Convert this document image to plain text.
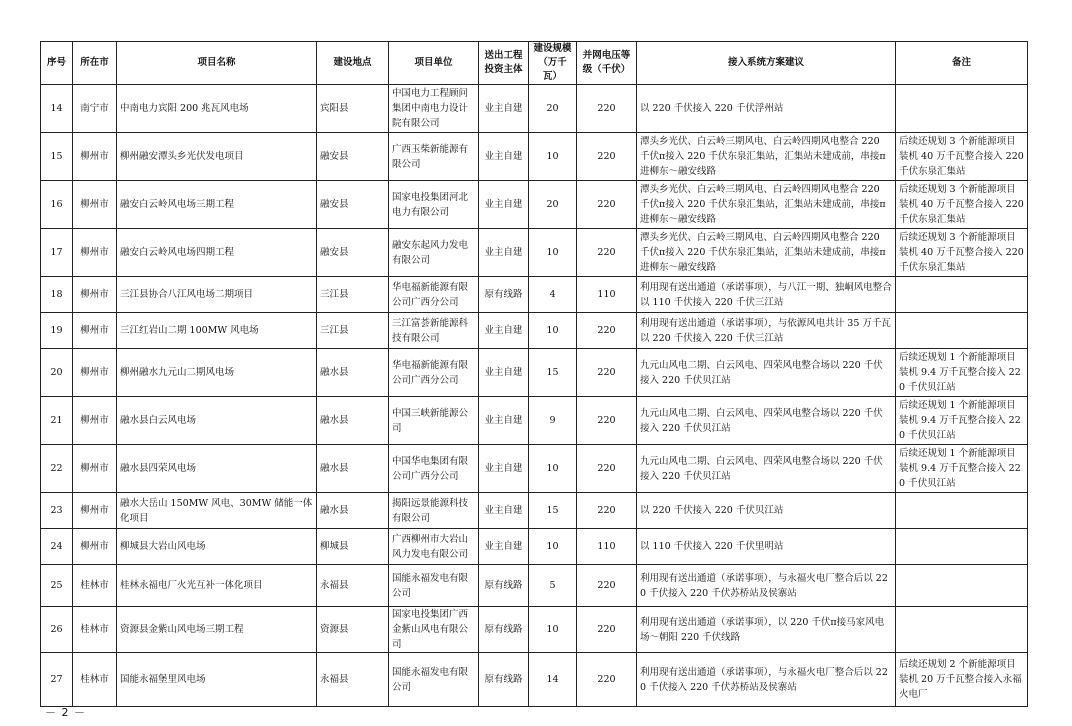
序号	所在市	项目名称	建设地点	项目单位	送出工程投资主体	建设规模（万千瓦）	并网电压等级（千伏）	接入系统方案建议	备注
14	南宁市	中南电力宾阳 200 兆瓦风电场	宾阳县	中国电力工程顾问集团中南电力设计院有限公司	业主自建	20	220	以 220 千伏接入 220 千伏浮州站	
15	柳州市	柳州融安潭头乡光伏发电项目	融安县	广西玉柴新能源有限公司	业主自建	10	220	潭头乡光伏、白云岭三期风电、白云岭四期风电整合 220 千伏π接入 220 千伏东泉汇集站，汇集站未建成前，串接π进柳东～融安线路	后续还规划 3 个新能源项目装机 40 万千瓦整合接入 220 千伏东泉汇集站
16	柳州市	融安白云岭风电场三期工程	融安县	国家电投集团河北电力有限公司	业主自建	20	220	潭头乡光伏、白云岭三期风电、白云岭四期风电整合 220 千伏π接入 220 千伏东泉汇集站，汇集站未建成前，串接π进柳东～融安线路	后续还规划 3 个新能源项目装机 40 万千瓦整合接入 220 千伏东泉汇集站
17	柳州市	融安白云岭风电场四期工程	融安县	融安东起风力发电有限公司	业主自建	10	220	潭头乡光伏、白云岭三期风电、白云岭四期风电整合 220 千伏π接入 220 千伏东泉汇集站，汇集站未建成前，串接π进柳东～融安线路	后续还规划 3 个新能源项目装机 40 万千瓦整合接入 220 千伏东泉汇集站
18	柳州市	三江县协合八江风电场二期项目	三江县	华电福新能源有限公司广西分公司	原有线路	4	110	利用现有送出通道（承诺事项），与八江一期、独峒风电整合以 110 千伏接入 220 千伏三江站	
19	柳州市	三江红岩山二期 100MW 风电场	三江县	三江富荟新能源科技有限公司	业主自建	10	220	利用现有送出通道（承诺事项），与依源风电共计 35 万千瓦以 220 千伏接入 220 千伏三江站	
20	柳州市	柳州融水九元山二期风电场	融水县	华电福新能源有限公司广西分公司	业主自建	15	220	九元山风电二期、白云风电、四荣风电整合场以 220 千伏接入 220 千伏贝江站	后续还规划 1 个新能源项目装机 9.4 万千瓦整合接入 220 千伏贝江站
21	柳州市	融水县白云风电场	融水县	中国三峡新能源公司	业主自建	9	220	九元山风电二期、白云风电、四荣风电整合场以 220 千伏接入 220 千伏贝江站	后续还规划 1 个新能源项目装机 9.4 万千瓦整合接入 220 千伏贝江站
22	柳州市	融水县四荣风电场	融水县	中国华电集团有限公司广西分公司	业主自建	10	220	九元山风电二期、白云风电、四荣风电整合场以 220 千伏接入 220 千伏贝江站	后续还规划 1 个新能源项目装机 9.4 万千瓦整合接入 220 千伏贝江站
23	柳州市	融水大岳山 150MW 风电、30MW 储能一体化项目	融水县	揭阳远景能源科技有限公司	业主自建	15	220	以 220 千伏接入 220 千伏贝江站	
24	柳州市	柳城县大岩山风电场	柳城县	广西柳州市大岩山风力发电有限公司	业主自建	10	110	以 110 千伏接入 220 千伏里明站	
25	桂林市	桂林永福电厂火光互补一体化项目	永福县	国能永福发电有限公司	原有线路	5	220	利用现有送出通道（承诺事项），与永福火电厂整合后以 220 千伏接入 220 千伏苏桥站及侯寨站	
26	桂林市	资源县金紫山风电场三期工程	资源县	国家电投集团广西金紫山风电有限公司	原有线路	10	220	利用现有送出通道（承诺事项），以 220 千伏π接马家风电场～朝阳 220 千伏线路	
27	桂林市	国能永福堡里风电场	永福县	国能永福发电有限公司	原有线路	14	220	利用现有送出通道（承诺事项），与永福火电厂整合后以 220 千伏接入 220 千伏苏桥站及侯寨站	后续还规划 2 个新能源项目装机 20 万千瓦整合接入永福火电厂
－ 2 －
